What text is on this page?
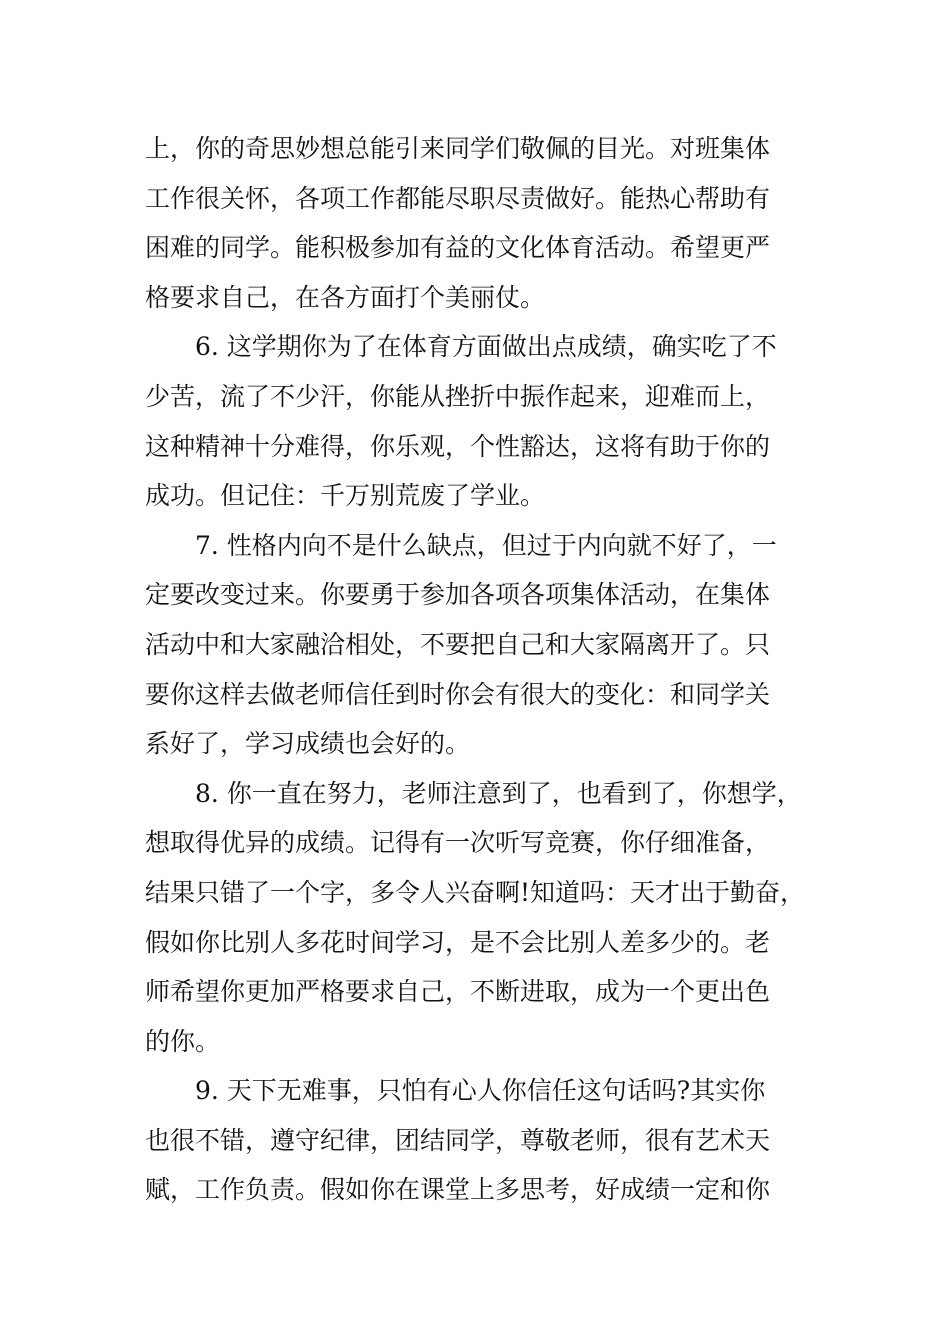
上，你的奇思妙想总能引来同学们敬佩的目光。对班集体
工作很关怀，各项工作都能尽职尽责做好。能热心帮助有
困难的同学。能积极参加有益的文化体育活动。希望更严
格要求自己，在各方面打个美丽仗。
6. 这学期你为了在体育方面做出点成绩，确实吃了不
少苦，流了不少汗，你能从挫折中振作起来，迎难而上，
这种精神十分难得，你乐观，个性豁达，这将有助于你的
成功。但记住：千万别荒废了学业。
7. 性格内向不是什么缺点，但过于内向就不好了，一
定要改变过来。你要勇于参加各项各项集体活动，在集体
活动中和大家融洽相处，不要把自己和大家隔离开了。只
要你这样去做老师信任到时你会有很大的变化：和同学关
系好了，学习成绩也会好的。
8. 你一直在努力，老师注意到了，也看到了，你想学，
想取得优异的成绩。记得有一次听写竞赛，你仔细准备，
结果只错了一个字，多令人兴奋啊!知道吗：天才出于勤奋，
假如你比别人多花时间学习，是不会比别人差多少的。老
师希望你更加严格要求自己，不断进取，成为一个更出色
的你。
9. 天下无难事，只怕有心人你信任这句话吗?其实你
也很不错，遵守纪律，团结同学，尊敬老师，很有艺术天
赋，工作负责。假如你在课堂上多思考，好成绩一定和你
